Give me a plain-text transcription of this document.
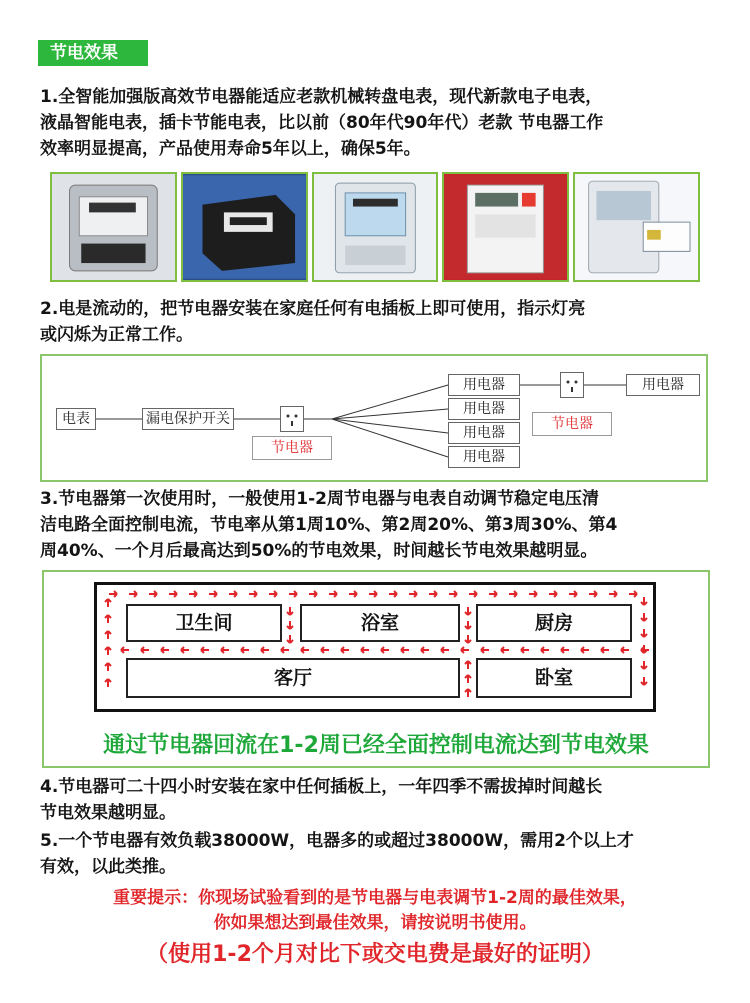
节电效果
1.全智能加强版高效节电器能适应老款机械转盘电表，现代新款电子电表，
液晶智能电表，插卡节能电表，比以前（80年代90年代）老款 节电器工作
效率明显提高，产品使用寿命5年以上，确保5年。
2.电是流动的，把节电器安装在家庭任何有电插板上即可使用，指示灯亮
或闪烁为正常工作。
电表	漏电保护开关
节电器
用电器
用电器
用电器
用电器
节电器
用电器
3.节电器第一次使用时，一般使用1-2周节电器与电表自动调节稳定电压清
洁电路全面控制电流，节电率从第1周10%、第2周20%、第3周30%、第4
周40%、一个月后最高达到50%的节电效果，时间越长节电效果越明显。
卫生间	浴室	厨房
客厅	卧室
通过节电器回流在1-2周已经全面控制电流达到节电效果
4.节电器可二十四小时安装在家中任何插板上，一年四季不需拔掉时间越长
节电效果越明显。
5.一个节电器有效负载38000W，电器多的或超过38000W，需用2个以上才
有效，以此类推。
重要提示：你现场试验看到的是节电器与电表调节1-2周的最佳效果，
你如果想达到最佳效果，请按说明书使用。
（使用1-2个月对比下或交电费是最好的证明）
